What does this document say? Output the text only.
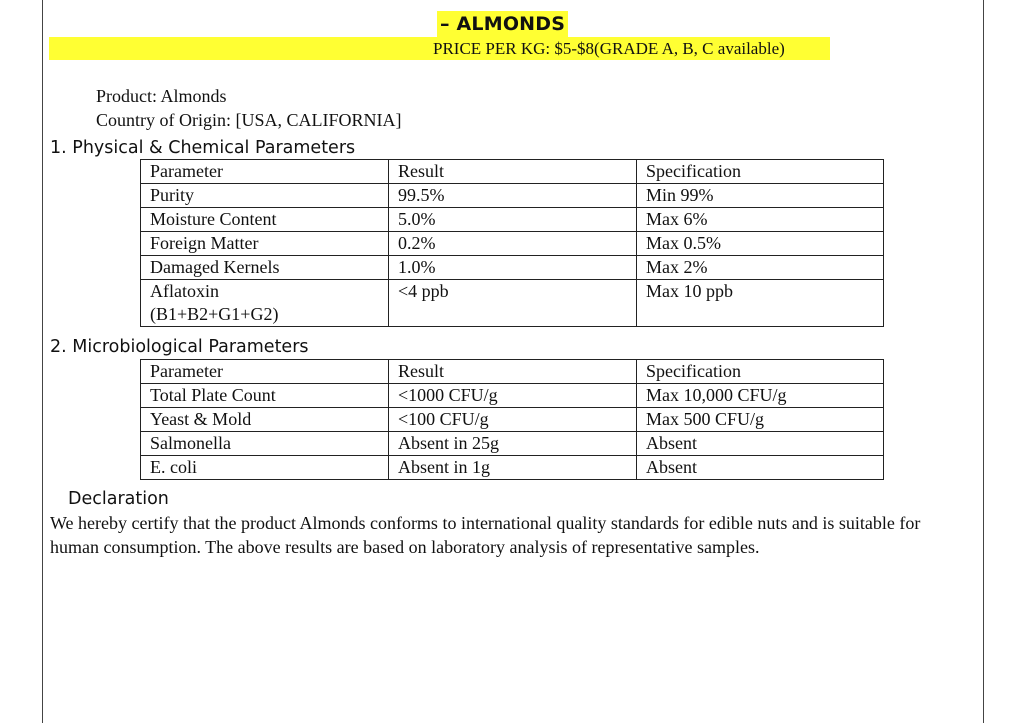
– ALMONDS
PRICE PER KG: $5-$8(GRADE A, B, C available)
Product: Almonds
Country of Origin: [USA, CALIFORNIA]
1. Physical & Chemical Parameters
Parameter	Result	Specification
Purity	99.5%	Min 99%
Moisture Content	5.0%	Max 6%
Foreign Matter	0.2%	Max 0.5%
Damaged Kernels	1.0%	Max 2%

Aflatoxin
(B1+B2+G1+G2)	<4 ppb	Max 10 ppb
2. Microbiological Parameters
Parameter	Result	Specification
Total Plate Count	<1000 CFU/g	Max 10,000 CFU/g
Yeast & Mold	<100 CFU/g	Max 500 CFU/g
Salmonella	Absent in 25g	Absent
E. coli	Absent in 1g	Absent
Declaration
We hereby certify that the product Almonds conforms to international quality standards for edible nuts and is suitable for human consumption. The above results are based on laboratory analysis of representative samples.
